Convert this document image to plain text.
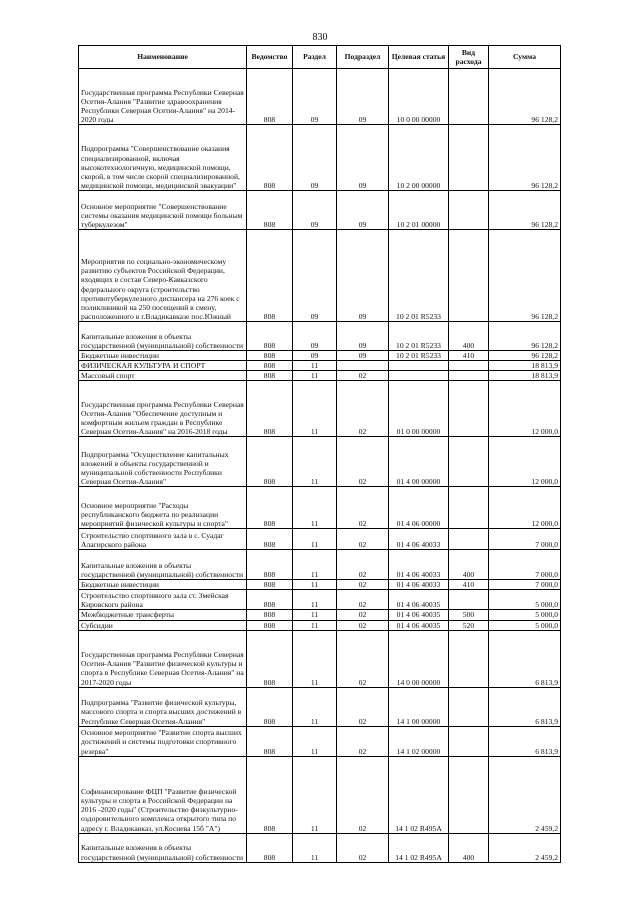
830
Наименование	Ведомство	Раздел	Подраздел	Целевая статья	Вид расхода	Сумма
Государственная программа Республики Северная Осетия-Алания "Развитие здравоохранения Республики Северная Осетия-Алания" на 2014-2020 годы	808	09	09	10 0 00 00000		96 128,2
Подпрограмма "Совершенствование оказания специализированной, включая высокотехнологичную, медицинской помощи, скорой, в том числе скорой специализированной, медицинской помощи, медицинской эвакуации"	808	09	09	10 2 00 00000		96 128,2
Основное мероприятие "Совершенствование системы оказания медицинской помощи больным туберкулезом"	808	09	09	10 2 01 00000		96 128,2
Мероприятия по социально-экономическому развитию субъектов Российской Федерации, входящих в состав Северо-Кавказского федерального округа (строительство противотуберкулезного диспансера на 276 коек с поликлиникой на 250 посещений в смену, расположенного в г.Владикавказе пос.Южный	808	09	09	10 2 01 R5233		96 128,2
Капитальные вложения в объекты государственной (муниципальной) собственности	808	09	09	10 2 01 R5233	400	96 128,2
Бюджетные инвестиции	808	09	09	10 2 01 R5233	410	96 128,2
ФИЗИЧЕСКАЯ КУЛЬТУРА И СПОРТ	808	11				18 813,9
Массовый спорт	808	11	02			18 813,9
Государственная программа Республики Северная Осетия-Алания "Обеспечение доступным и комфортным жильем граждан в Республике Северная Осетия-Алания" на 2016-2018 годы	808	11	02	01 0 00 00000		12 000,0
Подпрограмма "Осуществление капитальных вложений в объекты государственной и муниципальной собственности Республики Северная Осетия-Алания"	808	11	02	01 4 00 00000		12 000,0
Основное мероприятие "Расходы республиканского бюджета по реализации мероприятий физической культуры и спорта"	808	11	02	01 4 06 00000		12 000,0
Строительство спортивного зала в с. Суадаг Алагирского района	808	11	02	01 4 06 40033		7 000,0
Капитальные вложения в объекты государственной (муниципальной) собственности	808	11	02	01 4 06 40033	400	7 000,0
Бюджетные инвестиции	808	11	02	01 4 06 40033	410	7 000,0
Строительство спортивного зала ст. Змейская Кировского района	808	11	02	01 4 06 40035		5 000,0
Межбюджетные трансферты	808	11	02	01 4 06 40035	500	5 000,0
Субсидии	808	11	02	01 4 06 40035	520	5 000,0
Государственная программа Республики Северная Осетия-Алания "Развитие физической культуры и спорта в Республике Северная Осетия-Алания" на 2017-2020 годы	808	11	02	14 0 00 00000		6 813,9
Подпрограмма "Развитие физической культуры, массового спорта и спорта высших достижений в Республике Северная Осетия-Алания"	808	11	02	14 1 00 00000		6 813,9
Основное мероприятие "Развитие спорта высших достижений и системы подготовки спортивного резерва"	808	11	02	14 1 02 00000		6 813,9
Софинансирование ФЦП "Развитие физической культуры и спорта в Российской Федерации на 2016 -2020 годы" (Строительство физкультурно-оздоровительного комплекса открытого типа по адресу г. Владикавказ, ул.Косиева 15б "А")	808	11	02	14 1 02 R495А		2 459,2
Капитальные вложения в объекты государственной (муниципальной) собственности	808	11	02	14 1 02 R495А	400	2 459,2
